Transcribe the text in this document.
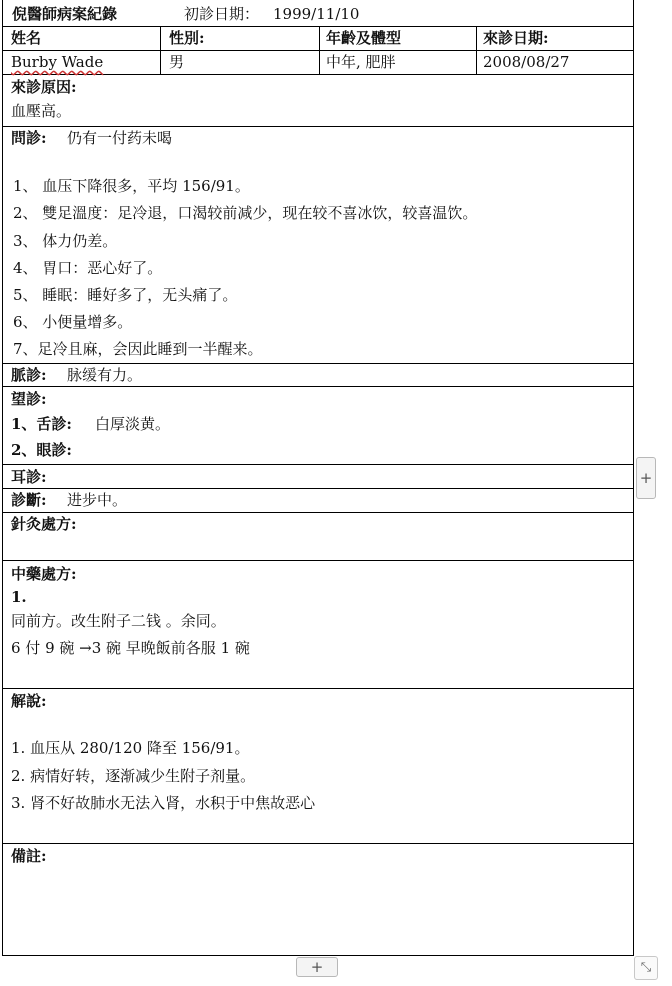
倪醫師病案紀錄	初診日期： 1999/11/10
姓名	性別:	年齡及體型	來診日期:
Burby Wade	男	中年, 肥胖	2008/08/27
來診原因:
血壓高。
問診: 仍有一付药未喝
1、 血压下降很多，平均 156/91。
2、 雙足溫度：足冷退，口渴较前减少，现在较不喜冰饮，较喜温饮。
3、 体力仍差。
4、 胃口：恶心好了。
5、 睡眠：睡好多了，无头痛了。
6、 小便量增多。
7、足冷且麻，会因此睡到一半醒来。
脈診: 脉缓有力。
望診:
1、舌診: 白厚淡黄。
2、眼診:
耳診:
診斷: 进步中。
針灸處方:
中藥處方:
1.
同前方。改生附子二钱 。余同。
6 付 9 碗 →3 碗 早晚飯前各服 1 碗
解說:
1. 血压从 280/120 降至 156/91。
2. 病情好转，逐渐减少生附子剂量。
3. 肾不好故肺水无法入肾，水积于中焦故恶心
備註:
+
+	⤡
